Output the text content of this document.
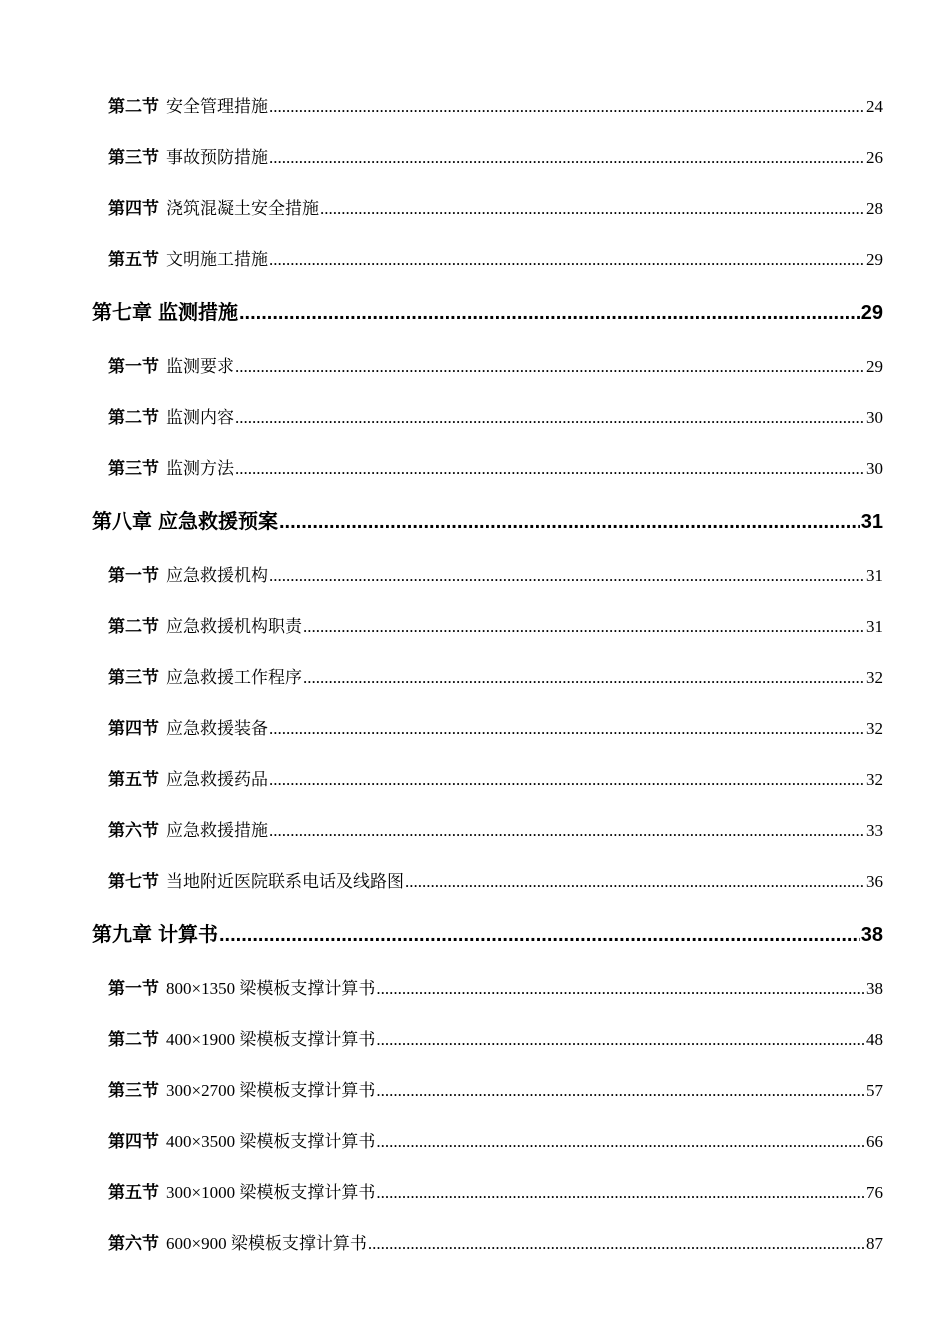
第二节 安全管理措施 .....	24
第三节 事故预防措施 .....	26
第四节 浇筑混凝土安全措施 .....	28
第五节 文明施工措施 .....	29
第七章 监测措施 .....	29
第一节 监测要求 .....	29
第二节 监测内容 .....	30
第三节 监测方法 .....	30
第八章 应急救援预案 .....	31
第一节 应急救援机构 .....	31
第二节 应急救援机构职责 .....	31
第三节 应急救援工作程序 .....	32
第四节 应急救援装备 .....	32
第五节 应急救援药品 .....	32
第六节 应急救援措施 .....	33
第七节 当地附近医院联系电话及线路图 .....	36
第九章 计算书 .....	38
第一节 800×1350 梁模板支撑计算书 .....	38
第二节 400×1900 梁模板支撑计算书 .....	48
第三节 300×2700 梁模板支撑计算书 .....	57
第四节 400×3500 梁模板支撑计算书 .....	66
第五节 300×1000 梁模板支撑计算书 .....	76
第六节 600×900 梁模板支撑计算书 .....	87
